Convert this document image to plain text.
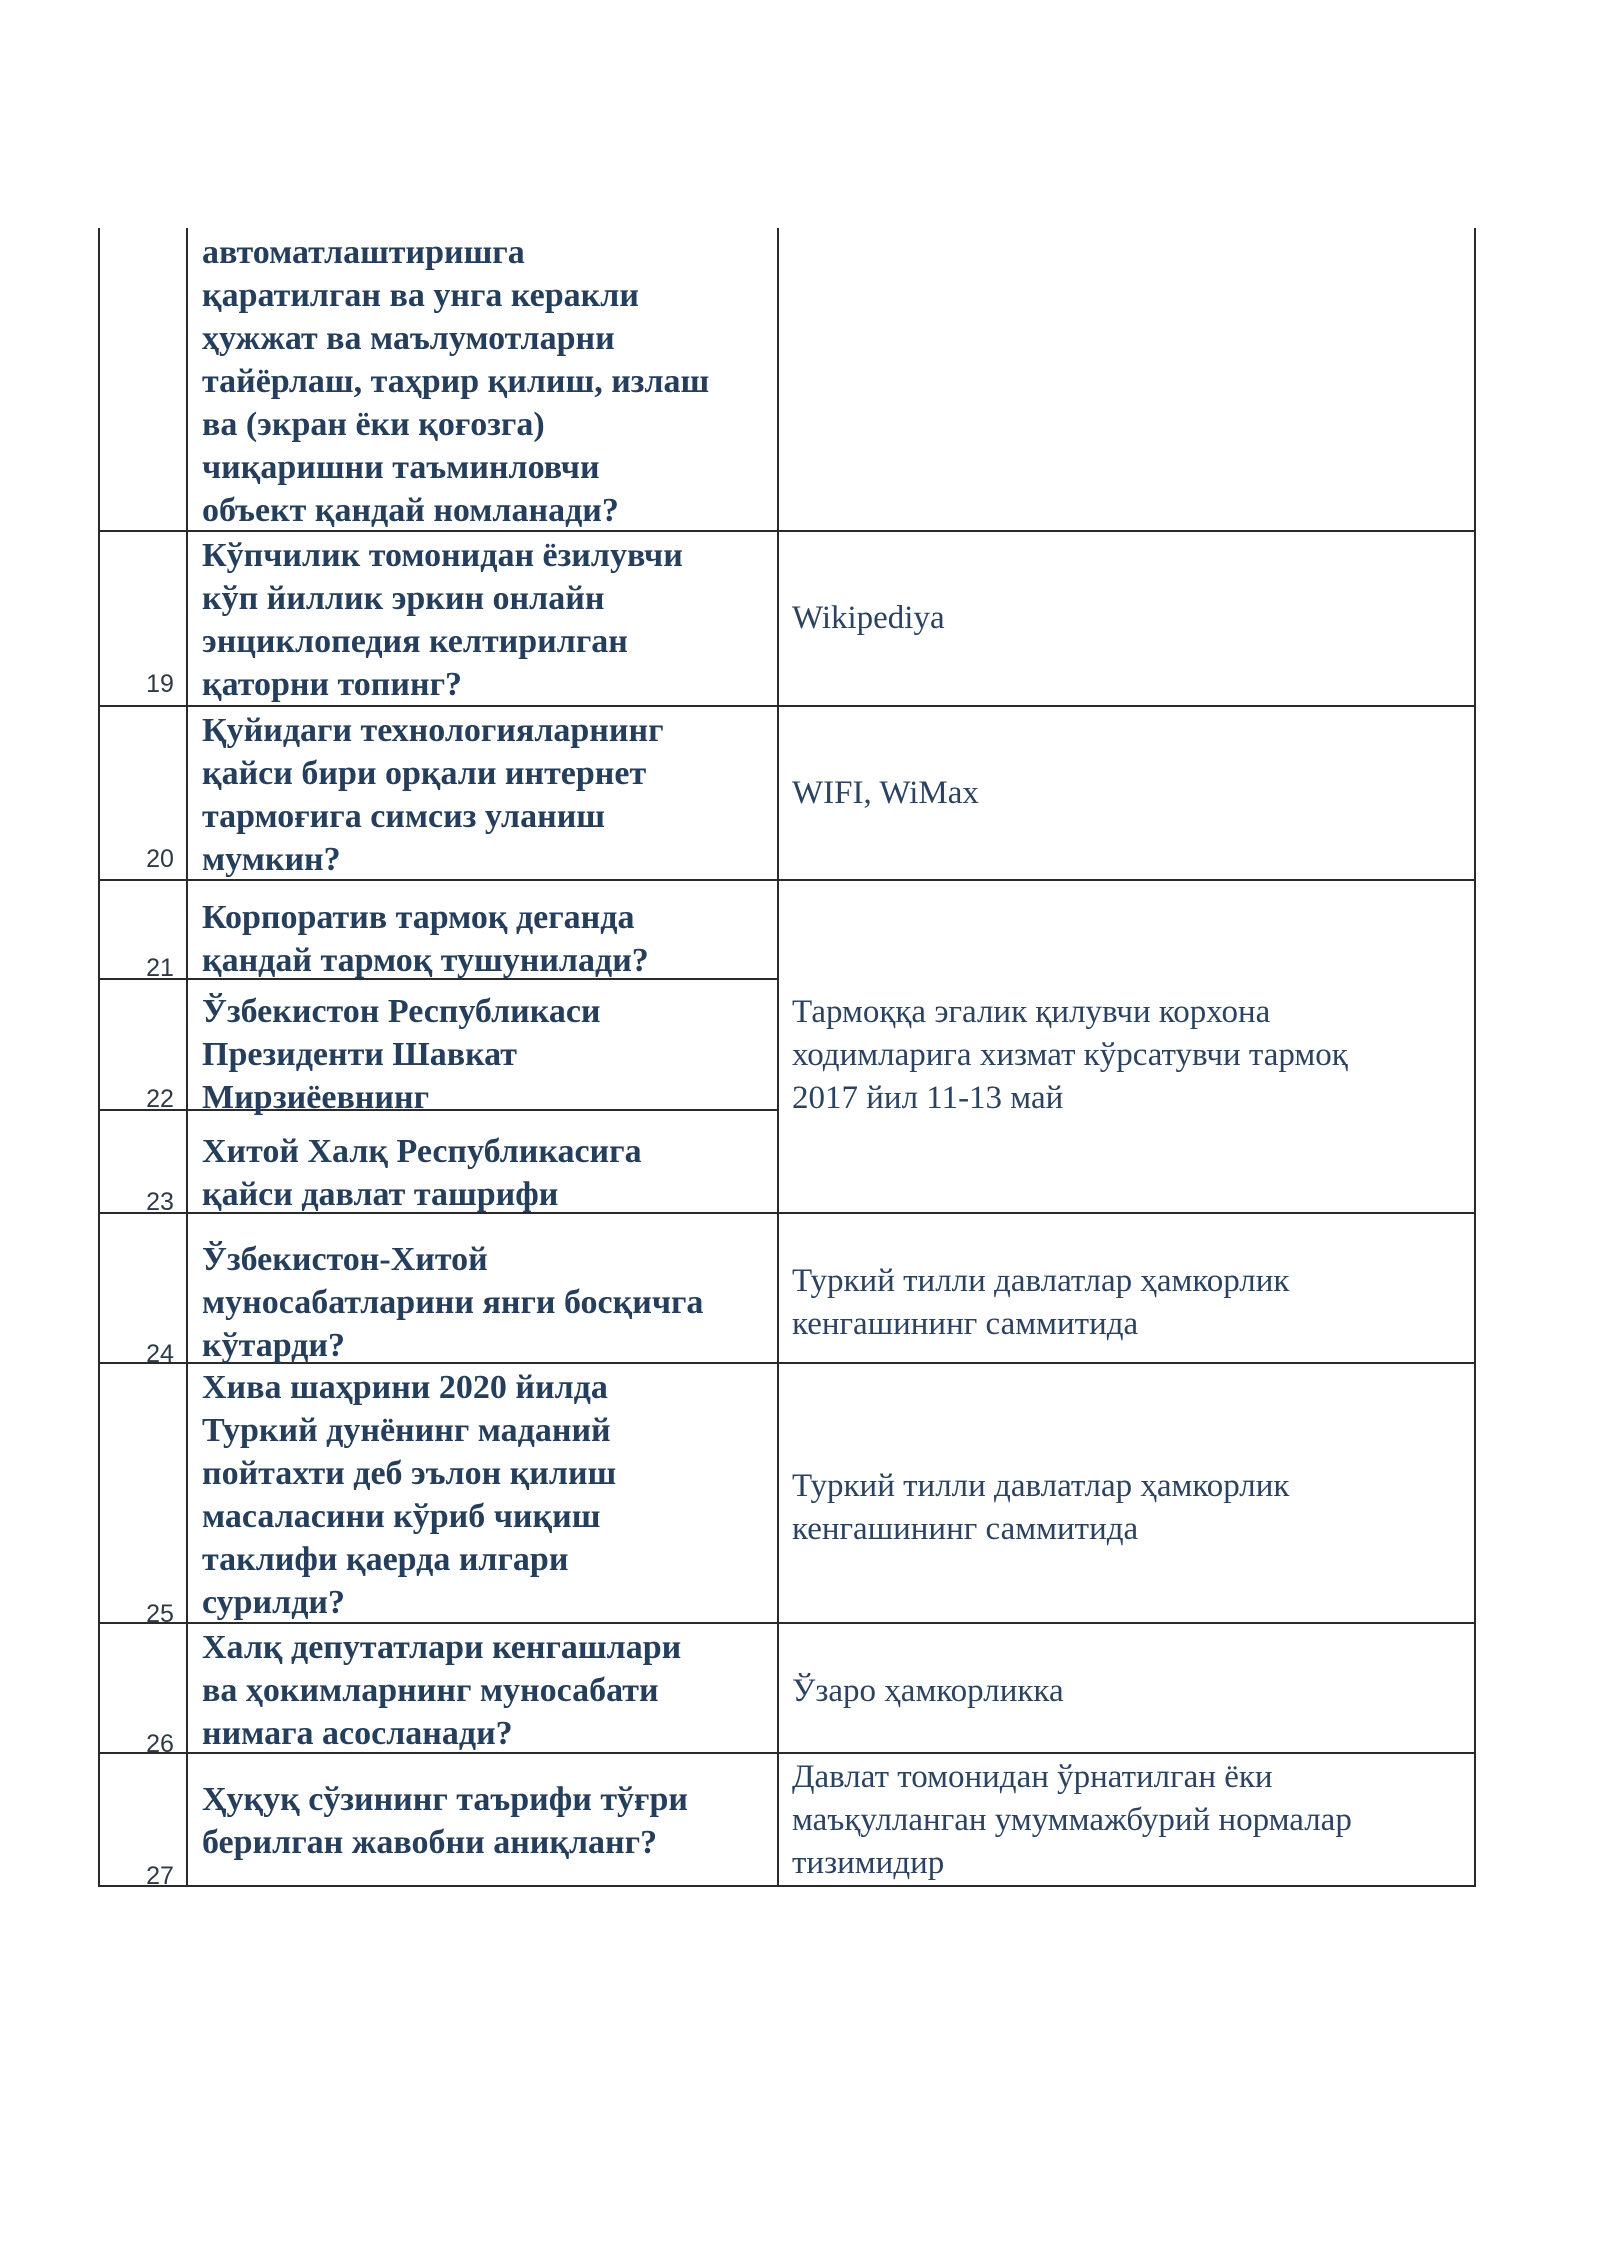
автоматлаштиришга
қаратилган ва унга керакли
ҳужжат ва маълумотларни
тайёрлаш, таҳрир қилиш, излаш
ва (экран ёки қоғозга)
чиқаришни таъминловчи
объект қандай номланади?
19
Кўпчилик томонидан ёзилувчи
кўп йиллик эркин онлайн
энциклопедия келтирилган
қаторни топинг?
Wikipediya
20
Қуйидаги технологияларнинг
қайси бири орқали интернет
тармоғига симсиз уланиш
мумкин?
WIFI, WiMax
21
Корпоратив тармоқ деганда
қандай тармоқ тушунилади?
22
Ўзбекистон Республикаси
Президенти Шавкат
Мирзиёевнинг
23
Хитой Халқ Республикасига
қайси давлат ташрифи
Тармоққа эгалик қилувчи корхона
ходимларига хизмат кўрсатувчи тармоқ
2017 йил 11-13 май
24
Ўзбекистон-Хитой
муносабатларини янги босқичга
кўтарди?
Туркий тилли давлатлар ҳамкорлик
кенгашининг саммитида
25
Хива шаҳрини 2020 йилда
Туркий дунёнинг маданий
пойтахти деб эълон қилиш
масаласини кўриб чиқиш
таклифи қаерда илгари
сурилди?
Туркий тилли давлатлар ҳамкорлик
кенгашининг саммитида
26
Халқ депутатлари кенгашлари
ва ҳокимларнинг муносабати
нимага асосланади?
Ўзаро ҳамкорликка
27
Ҳуқуқ сўзининг таърифи тўғри
берилган жавобни аниқланг?
Давлат томонидан ўрнатилган ёки
маъқулланган умуммажбурий нормалар
тизимидир
